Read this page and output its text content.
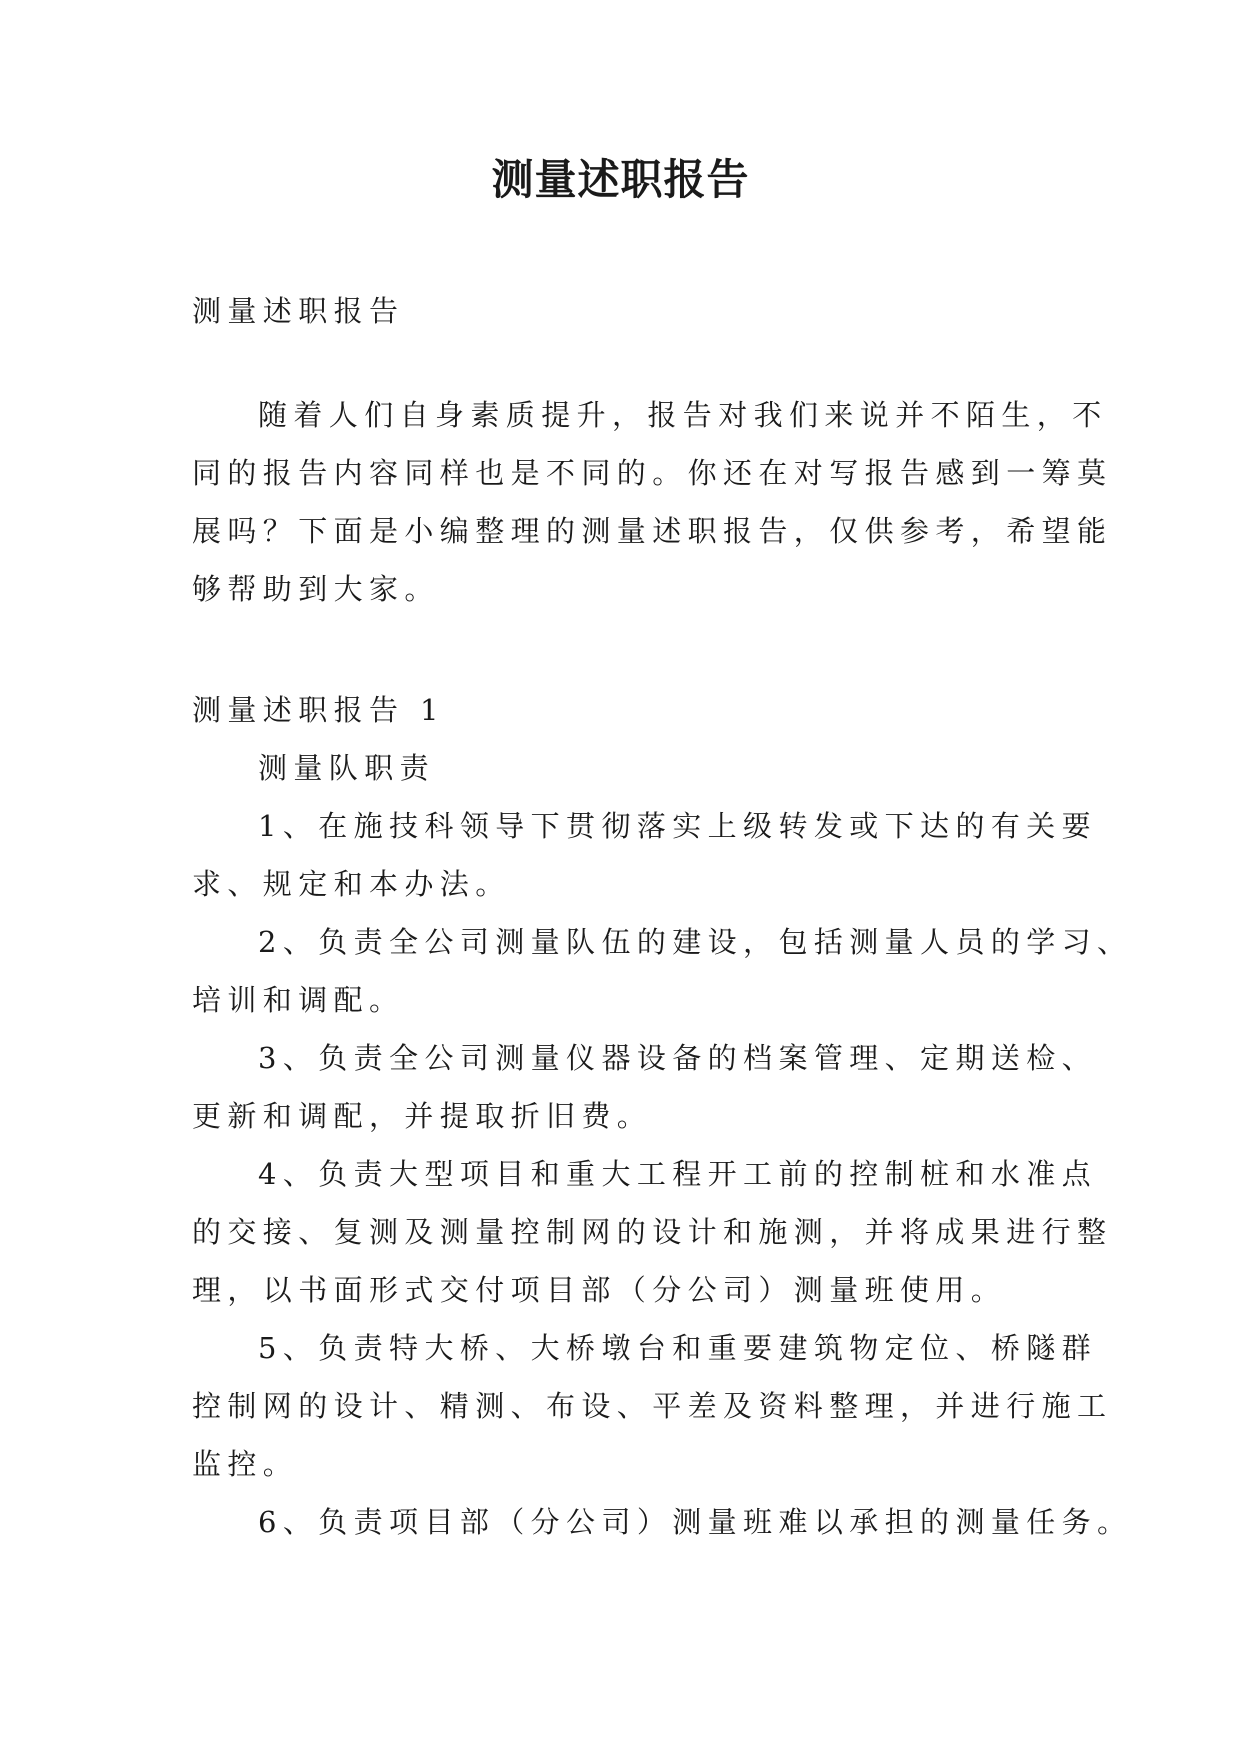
测量述职报告
测量述职报告
随着人们自身素质提升，报告对我们来说并不陌生，不
同的报告内容同样也是不同的。你还在对写报告感到一筹莫
展吗？下面是小编整理的测量述职报告，仅供参考，希望能
够帮助到大家。
测量述职报告 1
测量队职责
1、在施技科领导下贯彻落实上级转发或下达的有关要
求、规定和本办法。
2、负责全公司测量队伍的建设，包括测量人员的学习、
培训和调配。
3、负责全公司测量仪器设备的档案管理、定期送检、
更新和调配，并提取折旧费。
4、负责大型项目和重大工程开工前的控制桩和水准点
的交接、复测及测量控制网的设计和施测，并将成果进行整
理，以书面形式交付项目部（分公司）测量班使用。
5、负责特大桥、大桥墩台和重要建筑物定位、桥隧群
控制网的设计、精测、布设、平差及资料整理，并进行施工
监控。
6、负责项目部（分公司）测量班难以承担的测量任务。
